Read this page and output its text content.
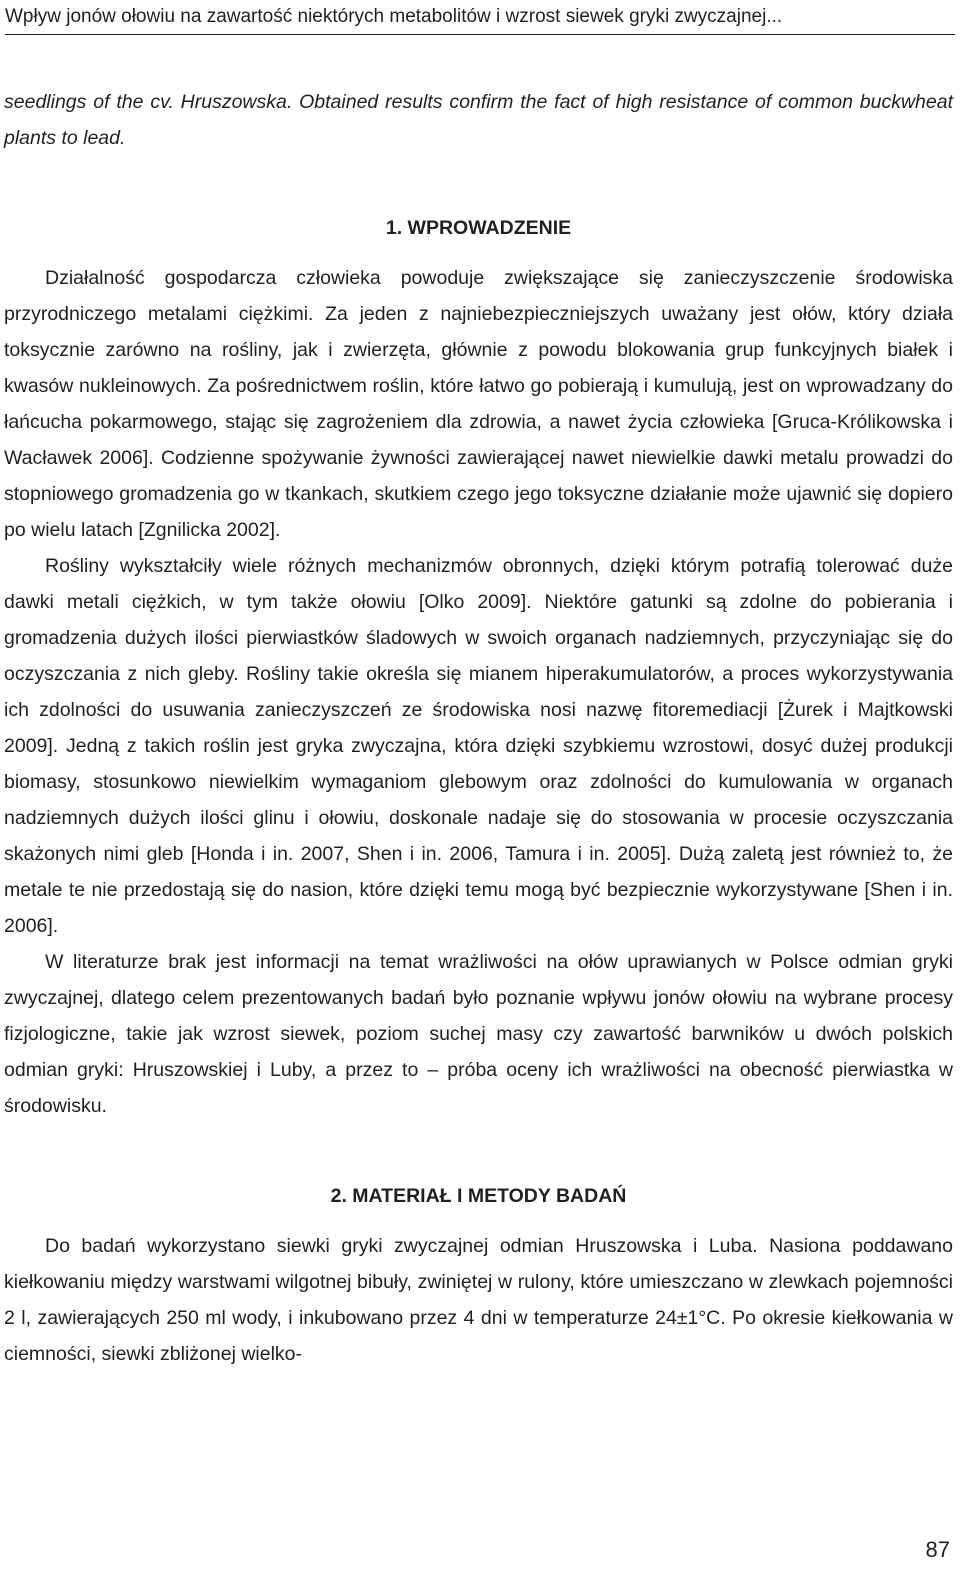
Wpływ jonów ołowiu na zawartość niektórych metabolitów i wzrost siewek gryki zwyczajnej...

seedlings of the cv. Hruszowska. Obtained results confirm the fact of high resistance of common buckwheat plants to lead.

1. WPROWADZENIE

Działalność gospodarcza człowieka powoduje zwiększające się zanieczyszczenie środowiska przyrodniczego metalami ciężkimi. Za jeden z najniebezpieczniejszych uważany jest ołów, który działa toksycznie zarówno na rośliny, jak i zwierzęta, głównie z powodu blokowania grup funkcyjnych białek i kwasów nukleinowych. Za pośrednictwem roślin, które łatwo go pobierają i kumulują, jest on wprowadzany do łańcucha pokarmowego, stając się zagrożeniem dla zdrowia, a nawet życia człowieka [Gruca-Królikowska i Wacławek 2006]. Codzienne spożywanie żywności zawierającej nawet niewielkie dawki metalu prowadzi do stopniowego gromadzenia go w tkankach, skutkiem czego jego toksyczne działanie może ujawnić się dopiero po wielu latach [Zgnilicka 2002].

Rośliny wykształciły wiele różnych mechanizmów obronnych, dzięki którym potrafią tolerować duże dawki metali ciężkich, w tym także ołowiu [Olko 2009]. Niektóre gatunki są zdolne do pobierania i gromadzenia dużych ilości pierwiastków śladowych w swoich organach nadziemnych, przyczyniając się do oczyszczania z nich gleby. Rośliny takie określa się mianem hiperakumulatorów, a proces wykorzystywania ich zdolności do usuwania zanieczyszczeń ze środowiska nosi nazwę fitoremediacji [Żurek i Majtkowski 2009]. Jedną z takich roślin jest gryka zwyczajna, która dzięki szybkiemu wzrostowi, dosyć dużej produkcji biomasy, stosunkowo niewielkim wymaganiom glebowym oraz zdolności do kumulowania w organach nadziemnych dużych ilości glinu i ołowiu, doskonale nadaje się do stosowania w procesie oczyszczania skażonych nimi gleb [Honda i in. 2007, Shen i in. 2006, Tamura i in. 2005]. Dużą zaletą jest również to, że metale te nie przedostają się do nasion, które dzięki temu mogą być bezpiecznie wykorzystywane [Shen i in. 2006].

W literaturze brak jest informacji na temat wrażliwości na ołów uprawianych w Polsce odmian gryki zwyczajnej, dlatego celem prezentowanych badań było poznanie wpływu jonów ołowiu na wybrane procesy fizjologiczne, takie jak wzrost siewek, poziom suchej masy czy zawartość barwników u dwóch polskich odmian gryki: Hruszowskiej i Luby, a przez to – próba oceny ich wrażliwości na obecność pierwiastka w środowisku.

2. MATERIAŁ I METODY BADAŃ

Do badań wykorzystano siewki gryki zwyczajnej odmian Hruszowska i Luba. Nasiona poddawano kiełkowaniu między warstwami wilgotnej bibuły, zwiniętej w rulony, które umieszczano w zlewkach pojemności 2 l, zawierających 250 ml wody, i inkubowano przez 4 dni w temperaturze 24±1°C. Po okresie kiełkowania w ciemności, siewki zbliżonej wielko-

87
